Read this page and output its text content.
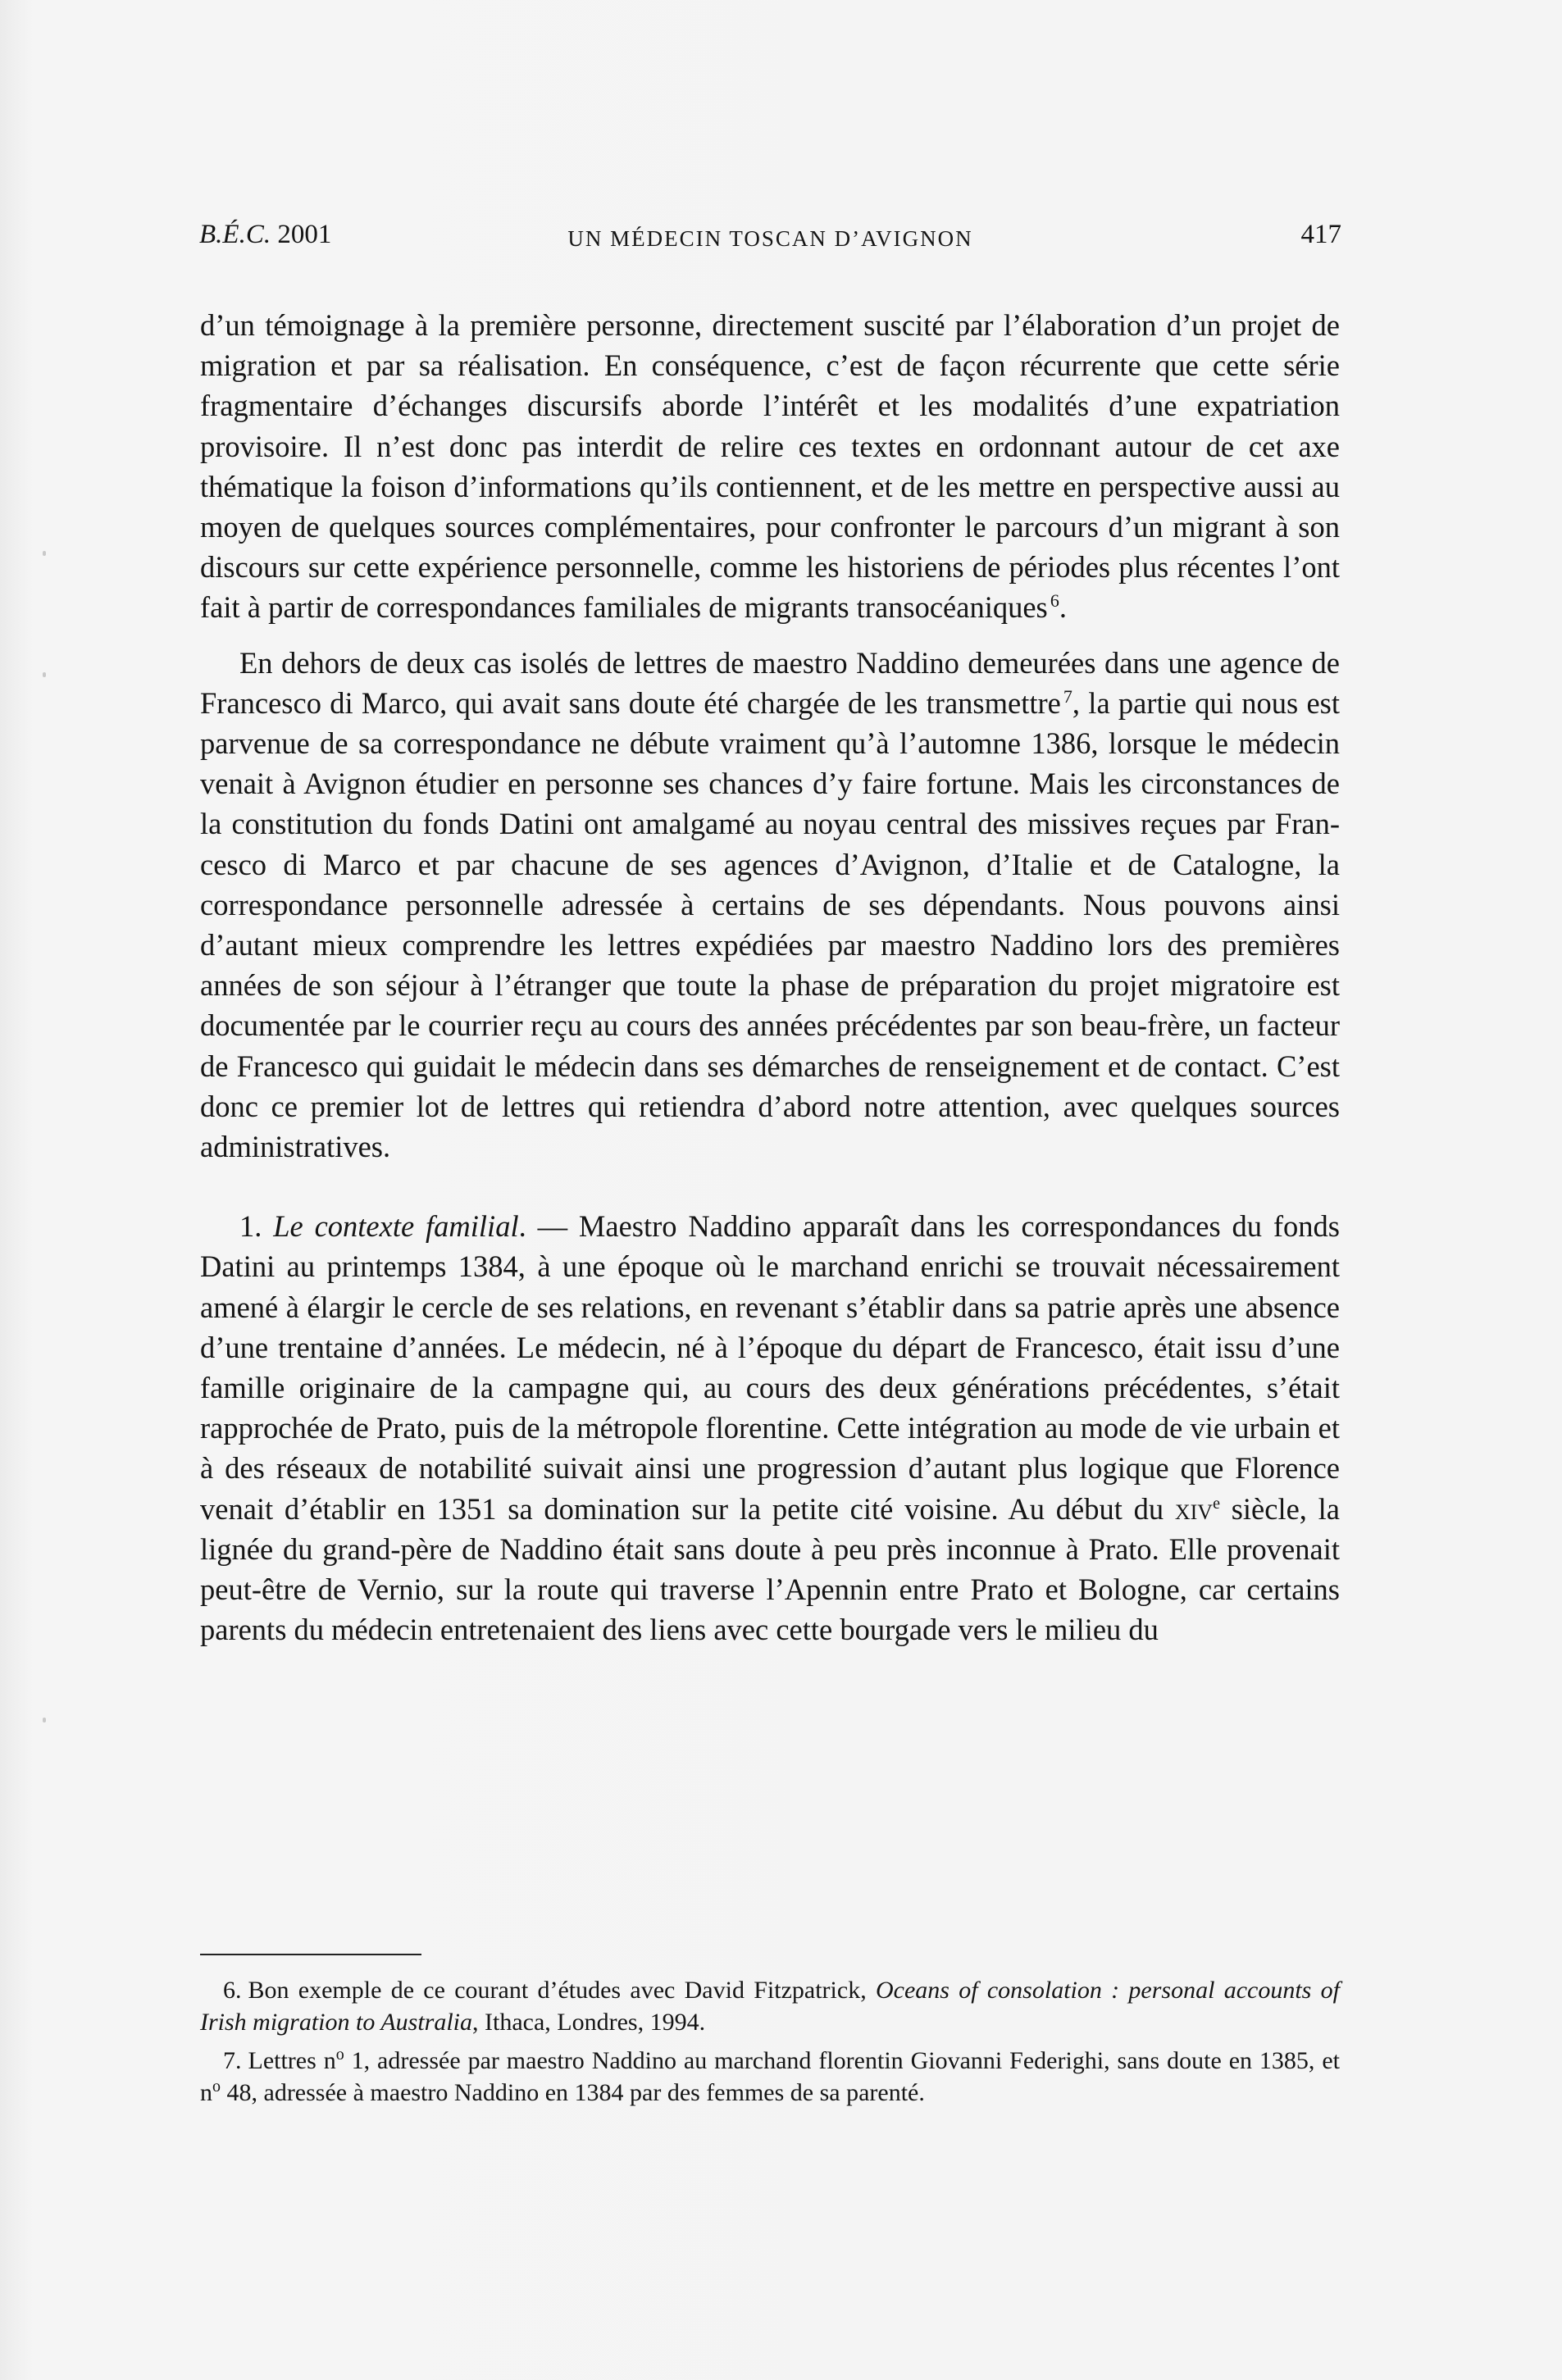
B.É.C. 2001	UN MÉDECIN TOSCAN D’AVIGNON	417

d’un témoignage à la première personne, directement suscité par l’élaboration d’un projet de migration et par sa réalisation. En conséquence, c’est de façon récurrente que cette série fragmentaire d’échanges discursifs aborde l’intérêt et les modalités d’une expatriation provisoire. Il n’est donc pas interdit de relire ces textes en ordonnant autour de cet axe thématique la foison d’informations qu’ils contiennent, et de les mettre en perspective aussi au moyen de quelques sources complémentaires, pour confronter le parcours d’un migrant à son discours sur cette expérience personnelle, comme les historiens de périodes plus récentes l’ont fait à partir de correspondances familiales de migrants transocéaniques  $^6$.

En dehors de deux cas isolés de lettres de maestro Naddino demeurées dans une agence de Francesco di Marco, qui avait sans doute été chargée de les transmettre  $^7$, la partie qui nous est parvenue de sa correspondance ne débute vraiment qu’à l’automne 1386, lorsque le médecin venait à Avignon étudier en personne ses chances d’y faire fortune. Mais les circonstances de la constitution du fonds Datini ont amalgamé au noyau central des missives reçues par Francesco di Marco et par chacune de ses agences d’Avignon, d’Italie et de Catalogne, la correspondance personnelle adressée à certains de ses dépendants. Nous pouvons ainsi d’autant mieux comprendre les lettres expédiées par maestro Naddino lors des premières années de son séjour à l’étranger que toute la phase de préparation du projet migratoire est documentée par le courrier reçu au cours des années précédentes par son beau-frère, un facteur de Francesco qui guidait le médecin dans ses démarches de renseignement et de contact. C’est donc ce premier lot de lettres qui retiendra d’abord notre attention, avec quelques sources administratives.

1. Le contexte familial. — Maestro Naddino apparaît dans les correspondances du fonds Datini au printemps 1384, à une époque où le marchand enrichi se trouvait nécessairement amené à élargir le cercle de ses relations, en revenant s’établir dans sa patrie après une absence d’une trentaine d’années. Le médecin, né à l’époque du départ de Francesco, était issu d’une famille originaire de la campagne qui, au cours des deux générations précédentes, s’était rapprochée de Prato, puis de la métropole florentine. Cette intégration au mode de vie urbain et à des réseaux de notabilité suivait ainsi une progression d’autant plus logique que Florence venait d’établir en 1351 sa domination sur la petite cité voisine. Au début du xiv$^e$ siècle, la lignée du grand-père de Naddino était sans doute à peu près inconnue à Prato. Elle provenait peut-être de Vernio, sur la route qui traverse l’Apennin entre Prato et Bologne, car certains parents du médecin entretenaient des liens avec cette bourgade vers le milieu du

6. Bon exemple de ce courant d’études avec David Fitzpatrick, Oceans of consolation : personal accounts of Irish migration to Australia, Ithaca, Londres, 1994.

7. Lettres $n^o$ 1, adressée par maestro Naddino au marchand florentin Giovanni Federighi, sans doute en 1385, et $n^o$ 48, adressée à maestro Naddino en 1384 par des femmes de sa parenté.
